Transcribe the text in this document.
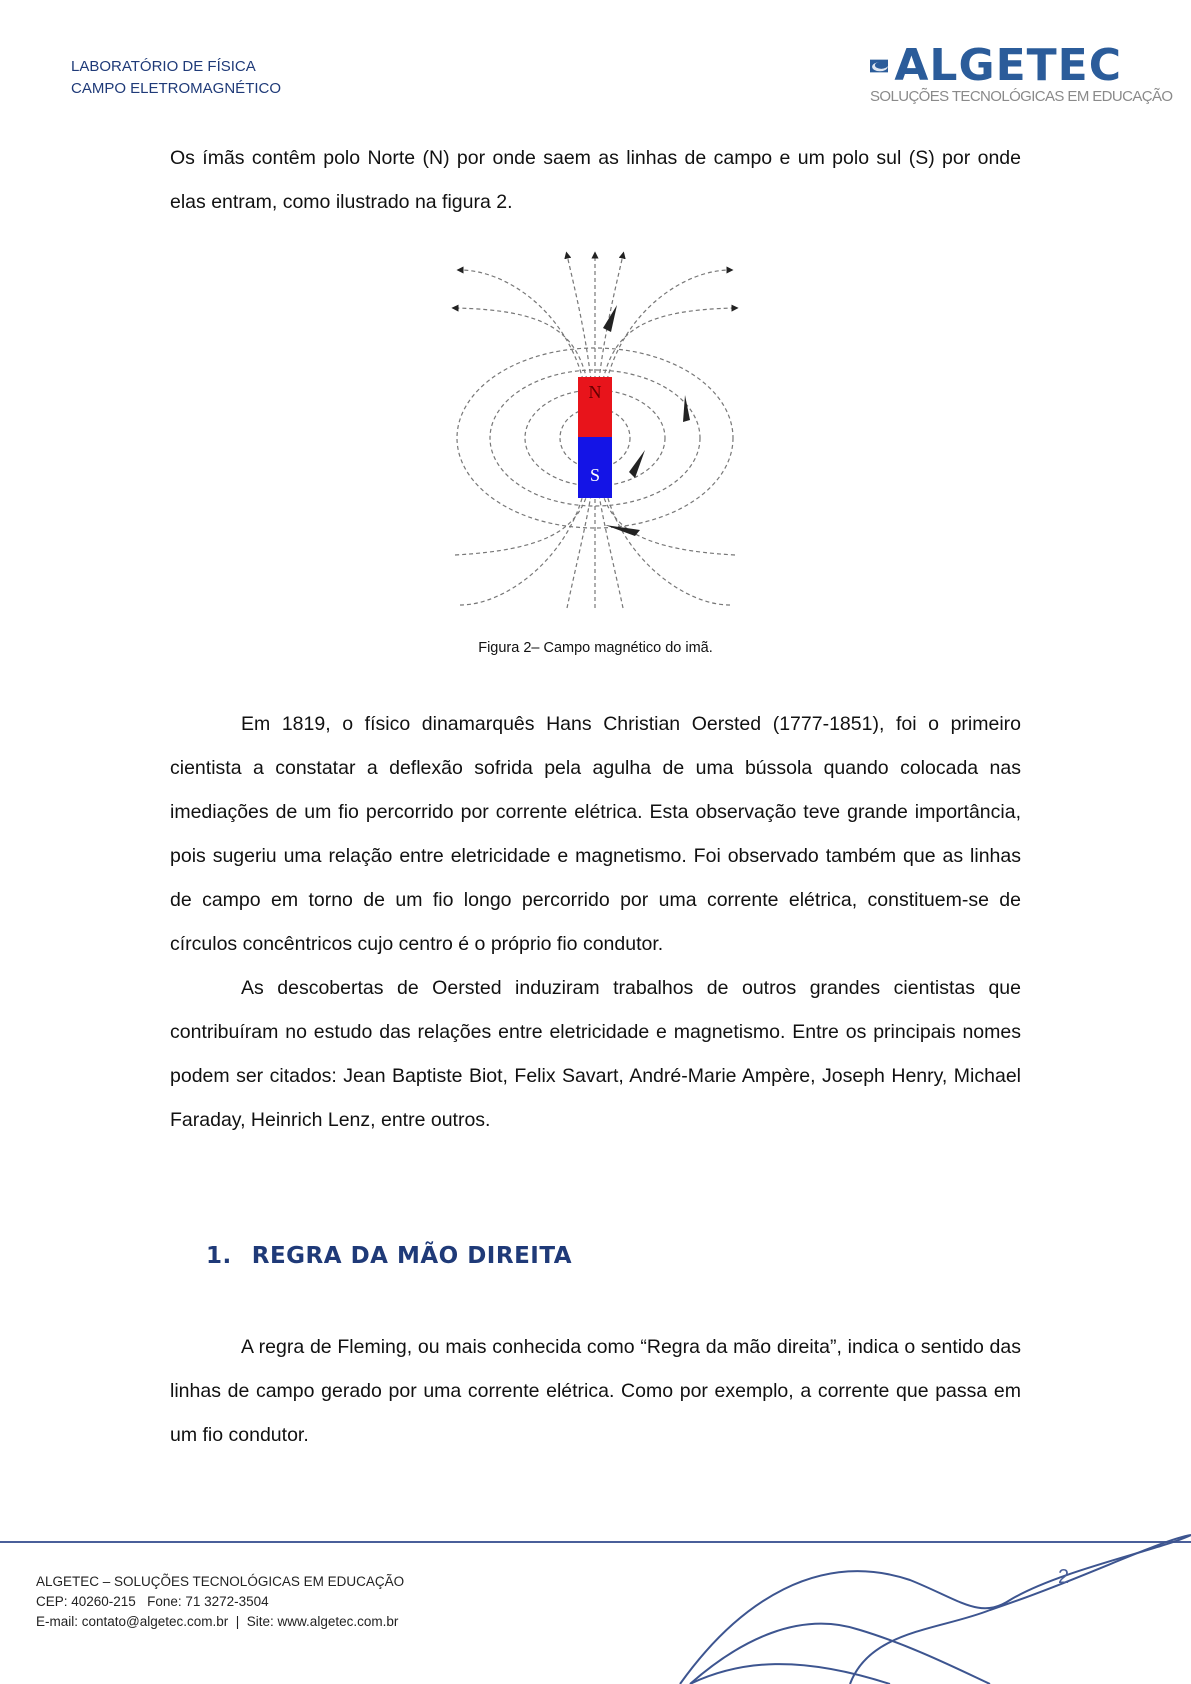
LABORATÓRIO DE FÍSICA
CAMPO ELETROMAGNÉTICO	ALGETEC
SOLUÇÕES TECNOLÓGICAS EM EDUCAÇÃO

Os ímãs contêm polo Norte (N) por onde saem as linhas de campo e um polo sul (S) por onde elas entram, como ilustrado na figura 2.

N
S
Figura 2– Campo magnético do imã.

Em 1819, o físico dinamarquês Hans Christian Oersted (1777-1851), foi o primeiro cientista a constatar a deflexão sofrida pela agulha de uma bússola quando colocada nas imediações de um fio percorrido por corrente elétrica. Esta observação teve grande importância, pois sugeriu uma relação entre eletricidade e magnetismo. Foi observado também que as linhas de campo em torno de um fio longo percorrido por uma corrente elétrica, constituem-se de círculos concêntricos cujo centro é o próprio fio condutor.

As descobertas de Oersted induziram trabalhos de outros grandes cientistas que contribuíram no estudo das relações entre eletricidade e magnetismo. Entre os principais nomes podem ser citados: Jean Baptiste Biot, Felix Savart, André-Marie Ampère, Joseph Henry, Michael Faraday, Heinrich Lenz, entre outros.

1. REGRA DA MÃO DIREITA

A regra de Fleming, ou mais conhecida como “Regra da mão direita”, indica o sentido das linhas de campo gerado por uma corrente elétrica. Como por exemplo, a corrente que passa em um fio condutor.

2
ALGETEC – SOLUÇÕES TECNOLÓGICAS EM EDUCAÇÃO
CEP: 40260-215   Fone: 71 3272-3504
E-mail: contato@algetec.com.br  |  Site: www.algetec.com.br
